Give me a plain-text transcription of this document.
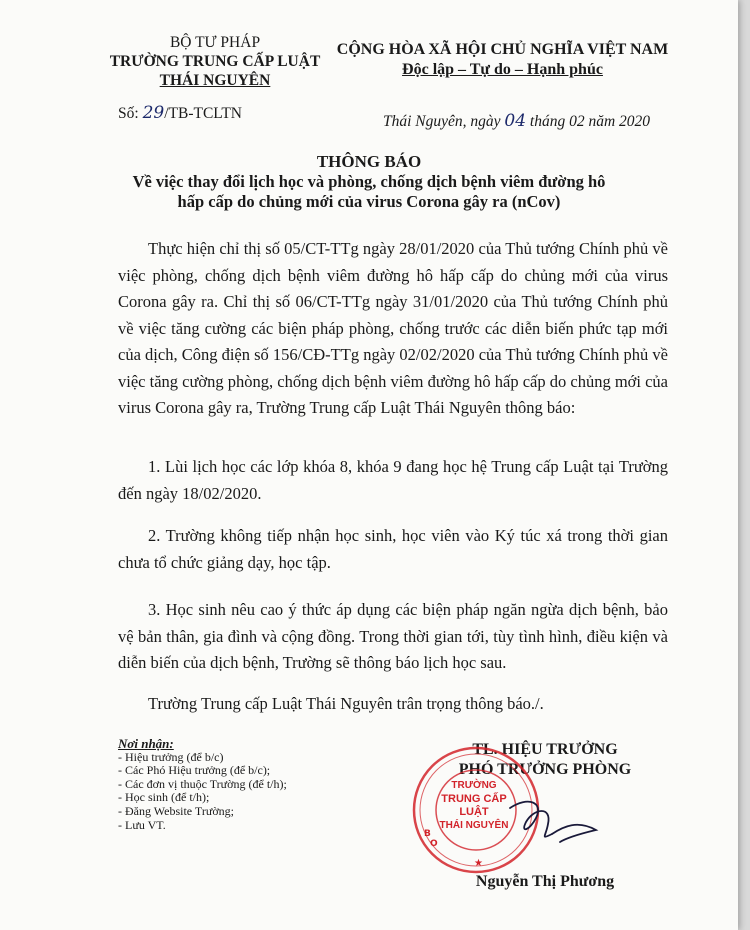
BỘ TƯ PHÁP
TRƯỜNG TRUNG CẤP LUẬT
THÁI NGUYÊN
Số: 29/TB-TCLTN
CỘNG HÒA XÃ HỘI CHỦ NGHĨA VIỆT NAM
Độc lập – Tự do – Hạnh phúc
Thái Nguyên, ngày 04 tháng 02 năm 2020
THÔNG BÁO
Về việc thay đổi lịch học và phòng, chống dịch bệnh viêm đường hô
hấp cấp do chủng mới của virus Corona gây ra (nCov)

Thực hiện chỉ thị số 05/CT-TTg ngày 28/01/2020 của Thủ tướng Chính phủ về việc phòng, chống dịch bệnh viêm đường hô hấp cấp do chủng mới của virus Corona gây ra. Chỉ thị số 06/CT-TTg ngày 31/01/2020 của Thủ tướng Chính phủ về việc tăng cường các biện pháp phòng, chống trước các diễn biến phức tạp mới của dịch, Công điện số 156/CĐ-TTg ngày 02/02/2020 của Thủ tướng Chính phủ về việc tăng cường phòng, chống dịch bệnh viêm đường hô hấp cấp do chủng mới của virus Corona gây ra, Trường Trung cấp Luật Thái Nguyên thông báo:

1. Lùi lịch học các lớp khóa 8, khóa 9 đang học hệ Trung cấp Luật tại Trường đến ngày 18/02/2020.

2. Trường không tiếp nhận học sinh, học viên vào Ký túc xá trong thời gian chưa tổ chức giảng dạy, học tập.

3. Học sinh nêu cao ý thức áp dụng các biện pháp ngăn ngừa dịch bệnh, bảo vệ bản thân, gia đình và cộng đồng. Trong thời gian tới, tùy tình hình, điều kiện và diễn biến của dịch bệnh, Trường sẽ thông báo lịch học sau.

Trường Trung cấp Luật Thái Nguyên trân trọng thông báo./.

Nơi nhận:
- Hiệu trưởng (để b/c)
- Các Phó Hiệu trưởng (để b/c);
- Các đơn vị thuộc Trường (để t/h);
- Học sinh (để t/h);
- Đăng Website Trường;
- Lưu VT.
TL. HIỆU TRƯỞNG
PHÓ TRƯỞNG PHÒNG
B
O
★
TRƯỜNG
TRUNG CẤP
LUẬT
THÁI NGUYÊN
Nguyễn Thị Phương
